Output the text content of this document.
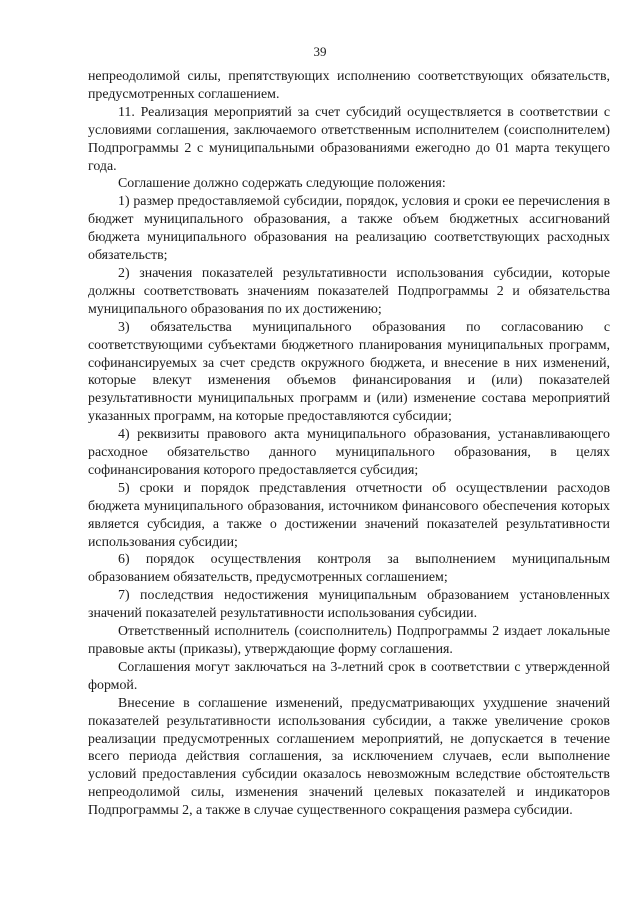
39

непреодолимой силы, препятствующих исполнению соответствующих обязательств, предусмотренных соглашением.

11. Реализация мероприятий за счет субсидий осуществляется в соответствии с условиями соглашения, заключаемого ответственным исполнителем (соисполнителем) Подпрограммы 2 с муниципальными образованиями ежегодно до 01 марта текущего года.

Соглашение должно содержать следующие положения:

1) размер предоставляемой субсидии, порядок, условия и сроки ее перечисления в бюджет муниципального образования, а также объем бюджетных ассигнований бюджета муниципального образования на реализацию соответствующих расходных обязательств;

2) значения показателей результативности использования субсидии, которые должны соответствовать значениям показателей Подпрограммы 2 и обязательства муниципального образования по их достижению;

3) обязательства муниципального образования по согласованию с соответствующими субъектами бюджетного планирования муниципальных программ, софинансируемых за счет средств окружного бюджета, и внесение в них изменений, которые влекут изменения объемов финансирования и (или) показателей результативности муниципальных программ и (или) изменение состава мероприятий указанных программ, на которые предоставляются субсидии;

4) реквизиты правового акта муниципального образования, устанавливающего расходное обязательство данного муниципального образования, в целях софинансирования которого предоставляется субсидия;

5) сроки и порядок представления отчетности об осуществлении расходов бюджета муниципального образования, источником финансового обеспечения которых является субсидия, а также о достижении значений показателей результативности использования субсидии;

6) порядок осуществления контроля за выполнением муниципальным образованием обязательств, предусмотренных соглашением;

7) последствия недостижения муниципальным образованием установленных значений показателей результативности использования субсидии.

Ответственный исполнитель (соисполнитель) Подпрограммы 2 издает локальные правовые акты (приказы), утверждающие форму соглашения.

Соглашения могут заключаться на 3-летний срок в соответствии с утвержденной формой.

Внесение в соглашение изменений, предусматривающих ухудшение значений показателей результативности использования субсидии, а также увеличение сроков реализации предусмотренных соглашением мероприятий, не допускается в течение всего периода действия соглашения, за исключением случаев, если выполнение условий предоставления субсидии оказалось невозможным вследствие обстоятельств непреодолимой силы, изменения значений целевых показателей и индикаторов Подпрограммы 2, а также в случае существенного сокращения размера субсидии.
